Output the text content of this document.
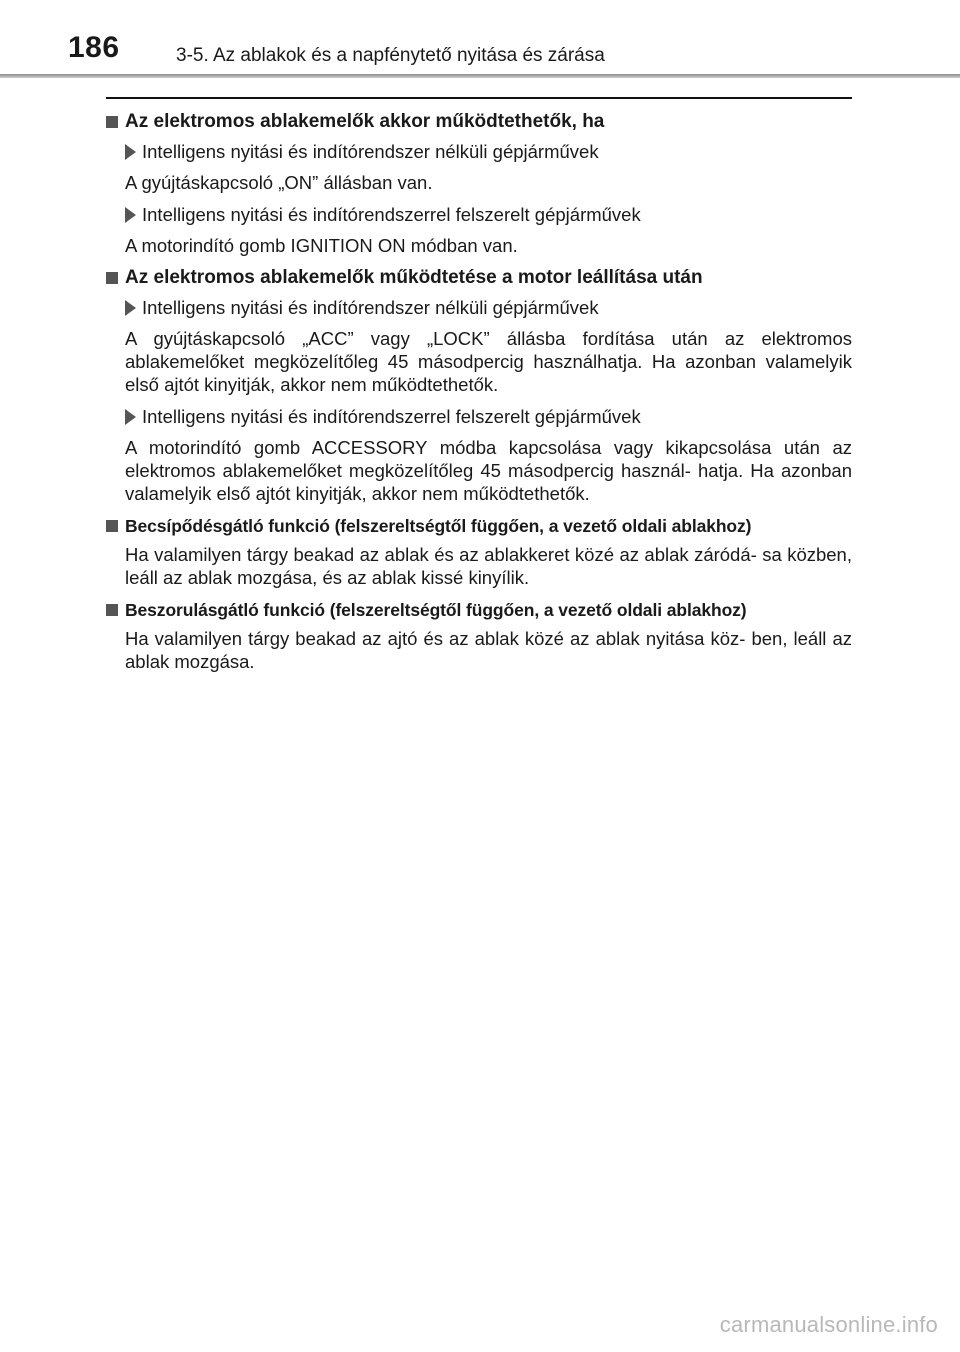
186	3-5. Az ablakok és a napfénytető nyitása és zárása
Az elektromos ablakemelők akkor működtethetők, ha
Intelligens nyitási és indítórendszer nélküli gépjárművek

A gyújtáskapcsoló „ON” állásban van.

Intelligens nyitási és indítórendszerrel felszerelt gépjárművek

A motorindító gomb IGNITION ON módban van.

Az elektromos ablakemelők működtetése a motor leállítása után
Intelligens nyitási és indítórendszer nélküli gépjárművek

A gyújtáskapcsoló „ACC” vagy „LOCK” állásba fordítása után az elektromos ablakemelőket megközelítőleg 45 másodpercig használhatja. Ha azonban valamelyik első ajtót kinyitják, akkor nem működtethetők.

Intelligens nyitási és indítórendszerrel felszerelt gépjárművek

A motorindító gomb ACCESSORY módba kapcsolása vagy kikapcsolása után az elektromos ablakemelőket megközelítőleg 45 másodpercig használ- hatja. Ha azonban valamelyik első ajtót kinyitják, akkor nem működtethetők.

Becsípődésgátló funkció (felszereltségtől függően, a vezető oldali ablakhoz)

Ha valamilyen tárgy beakad az ablak és az ablakkeret közé az ablak záródá- sa közben, leáll az ablak mozgása, és az ablak kissé kinyílik.

Beszorulásgátló funkció (felszereltségtől függően, a vezető oldali ablakhoz)

Ha valamilyen tárgy beakad az ajtó és az ablak közé az ablak nyitása köz- ben, leáll az ablak mozgása.

carmanualsonline.info
